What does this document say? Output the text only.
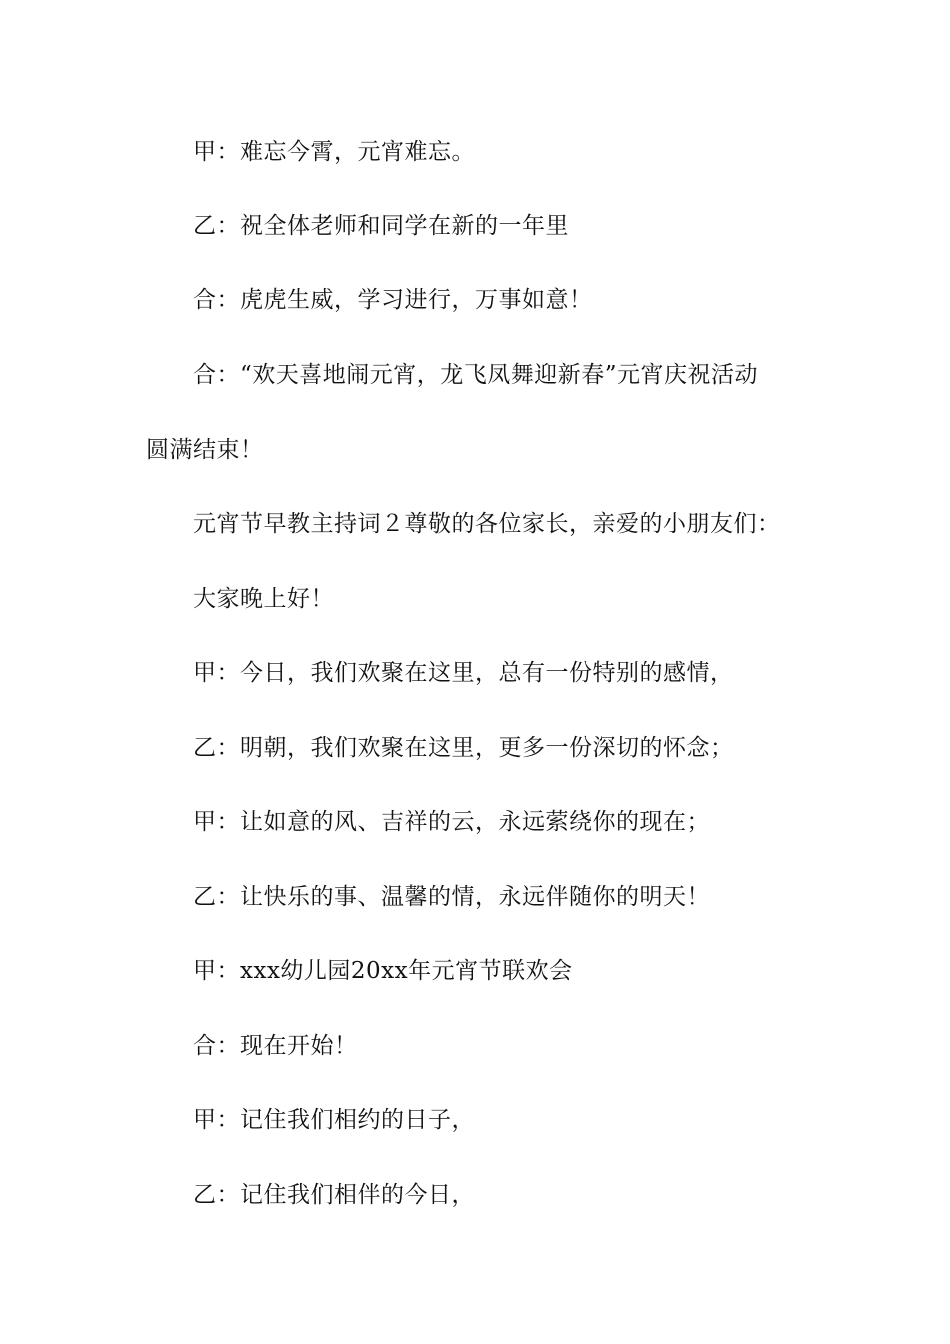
甲：难忘今霄，元宵难忘。
乙：祝全体老师和同学在新的一年里
合：虎虎生威，学习进行，万事如意！
合：“欢天喜地闹元宵，龙飞凤舞迎新春”元宵庆祝活动
圆满结束！
元宵节早教主持词２尊敬的各位家长，亲爱的小朋友们：
大家晚上好！
甲：今日，我们欢聚在这里，总有一份特别的感情，
乙：明朝，我们欢聚在这里，更多一份深切的怀念；
甲：让如意的风、吉祥的云，永远萦绕你的现在；
乙：让快乐的事、温馨的情，永远伴随你的明天！
甲：xxx幼儿园20xx年元宵节联欢会
合：现在开始！
甲：记住我们相约的日子，
乙：记住我们相伴的今日，
